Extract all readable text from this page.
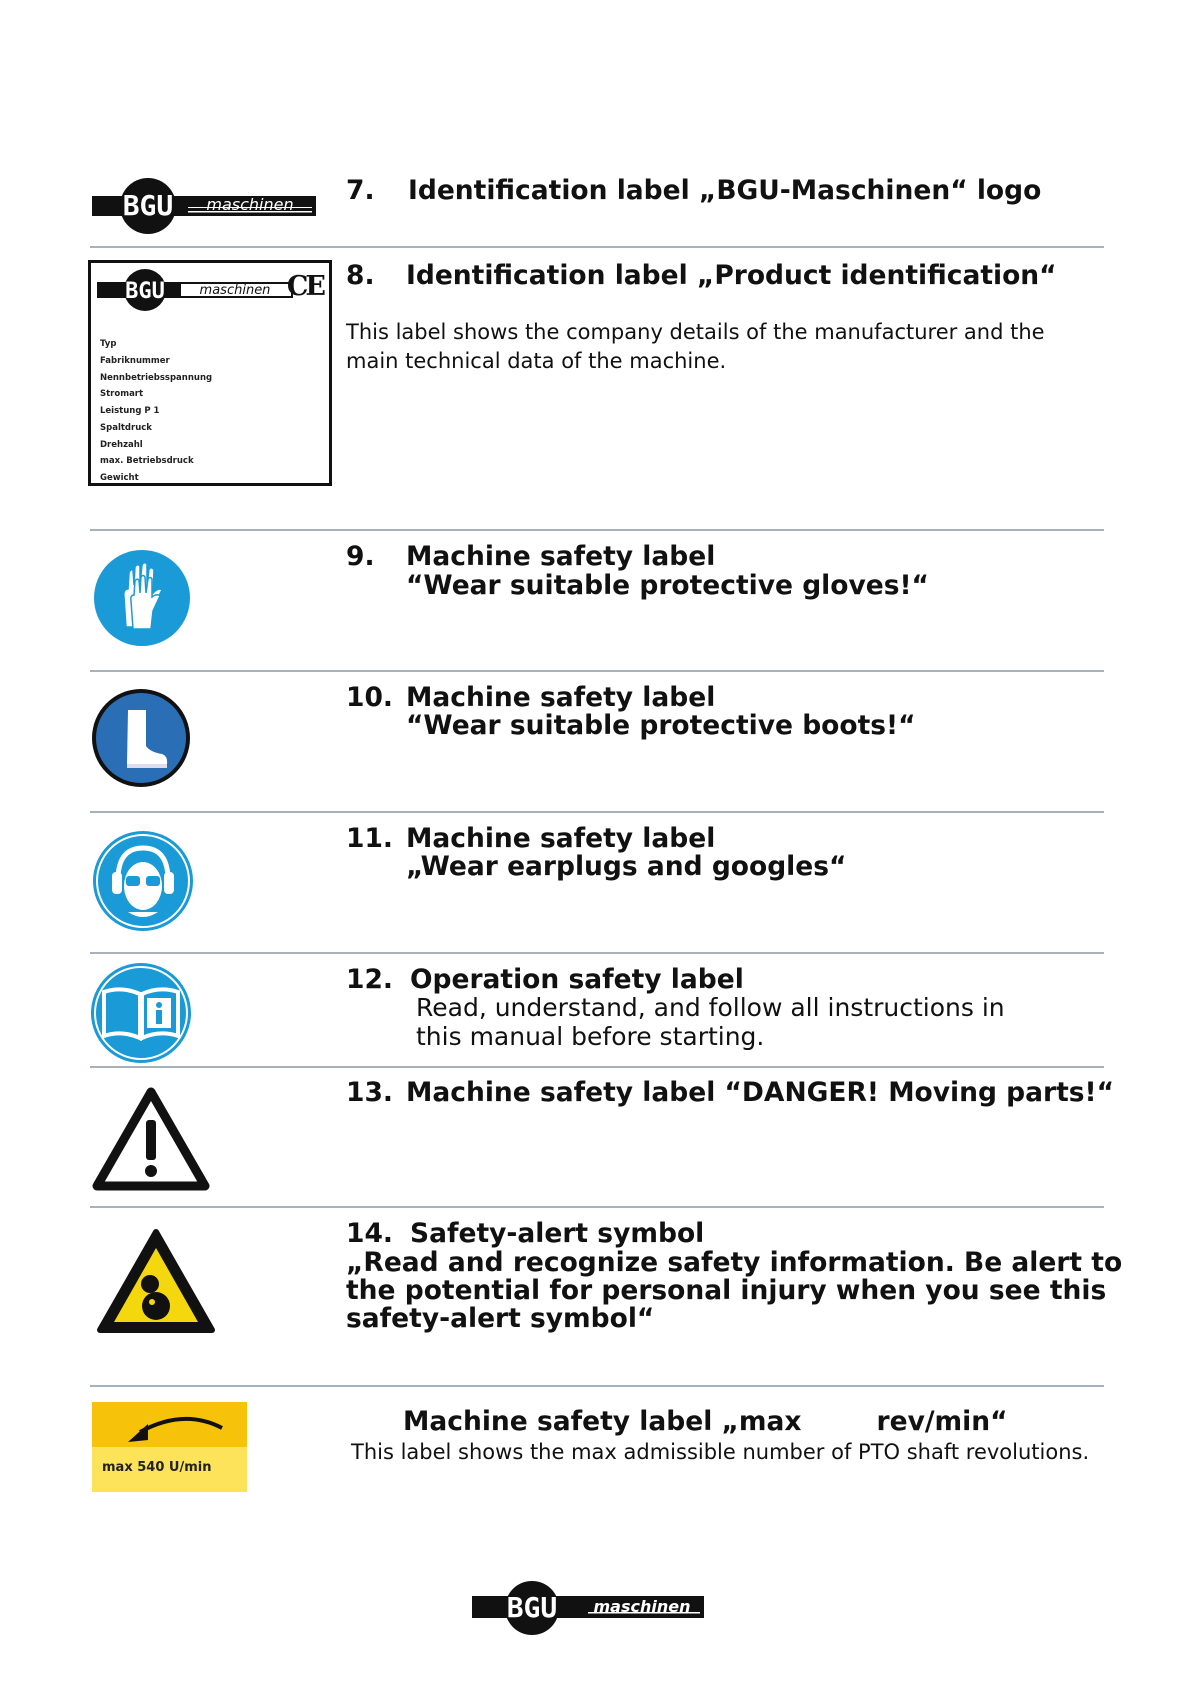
BGU maschinen 7. Identification label „BGU-Maschinen“ logo
BGU	maschinen CE
Typ
Fabriknummer
Nennbetriebsspannung
Stromart
Leistung P 1
Spaltdruck
Drehzahl
max. Betriebsdruck
Gewicht
8. Identification label „Product identification“
This label shows the company details of the manufacturer and the
main technical data of the machine.
9. Machine safety label
“Wear suitable protective gloves!“
10. Machine safety label
“Wear suitable protective boots!“
11. Machine safety label
„Wear earplugs and googles“
12. Operation safety label
Read, understand, and follow all instructions in
this manual before starting.
13. Machine safety label “DANGER! Moving parts!“
14. Safety-alert symbol
„Read and recognize safety information. Be alert to
the potential for personal injury when you see this
safety-alert symbol“
max 540 U/min
Machine safety label „max	rev/min“
This label shows the max admissible number of PTO shaft revolutions.
BGU maschinen
